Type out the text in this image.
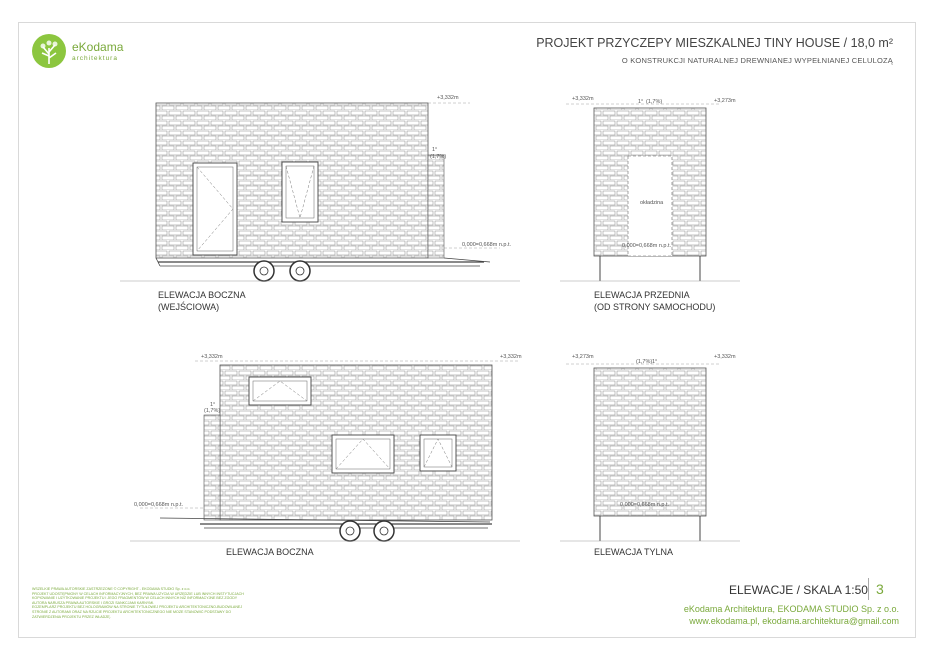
eKodama
architektura
PROJEKT PRZYCZEPY MIESZKALNEJ TINY HOUSE / 18,0 m²
O KONSTRUKCJI NATURALNEJ DREWNIANEJ WYPEŁNIANEJ CELULOZĄ
+3,332m
1°
(1,7%)
0,000=0,668m n.p.t.
okładzina
+3,332m	+3,273m
1° (1,7%)
0,000=0,668m n.p.t.
+3,332m	+3,332m
1°
(1,7%)
0,000=0,668m n.p.t.
+3,273m	+3,332m
(1,7%) 1°
0,000=0,668m n.p.t.
ELEWACJA BOCZNA
(WEJŚCIOWA)
ELEWACJA PRZEDNIA
(OD STRONY SAMOCHODU)
ELEWACJA BOCZNA	ELEWACJA TYLNA
WSZELKIE PRAWA AUTORSKIE ZASTRZEŻONE © COPYRIGHT - EKODAMA STUDIO Sp. z o.o.
PROJEKT UDOSTĘPNIONY W CELACH INFORMACYJNYCH, BEZ PRAWA UŻYCIA W URZĘDZIE LUB INNYCH INSTYTUCJACH
KOPIOWANIE I UŻYTKOWANIE PROJEKTU I JEGO FRAGMENTÓW W CELACH INNYCH NIŻ INFORMACYJNE BEZ ZGODY
AUTORA NARUSZA PRAWA AUTORSKIE I GROZI SANKCJAMI KARNYMI.
EGZEMPLARZ PROJEKTU BEZ HOLOGRAMÓW NA STRONIE TYTUŁOWEJ PROJEKTU ARCHITEKTONICZNO-BUDOWLANEJ
STRONIE Z AUTORAMI ORAZ NA RZUCIE PROJEKTU ARCHITEKTONICZNEGO NIE MOŻE STANOWIĆ PODSTAWY DO
ZATWIERDZENIA PROJEKTU PRZEZ WŁADZĘ.
ELEWACJE / SKALA 1:50 3
eKodama Architektura, EKODAMA STUDIO Sp. z o.o.
www.ekodama.pl, ekodama.architektura@gmail.com
